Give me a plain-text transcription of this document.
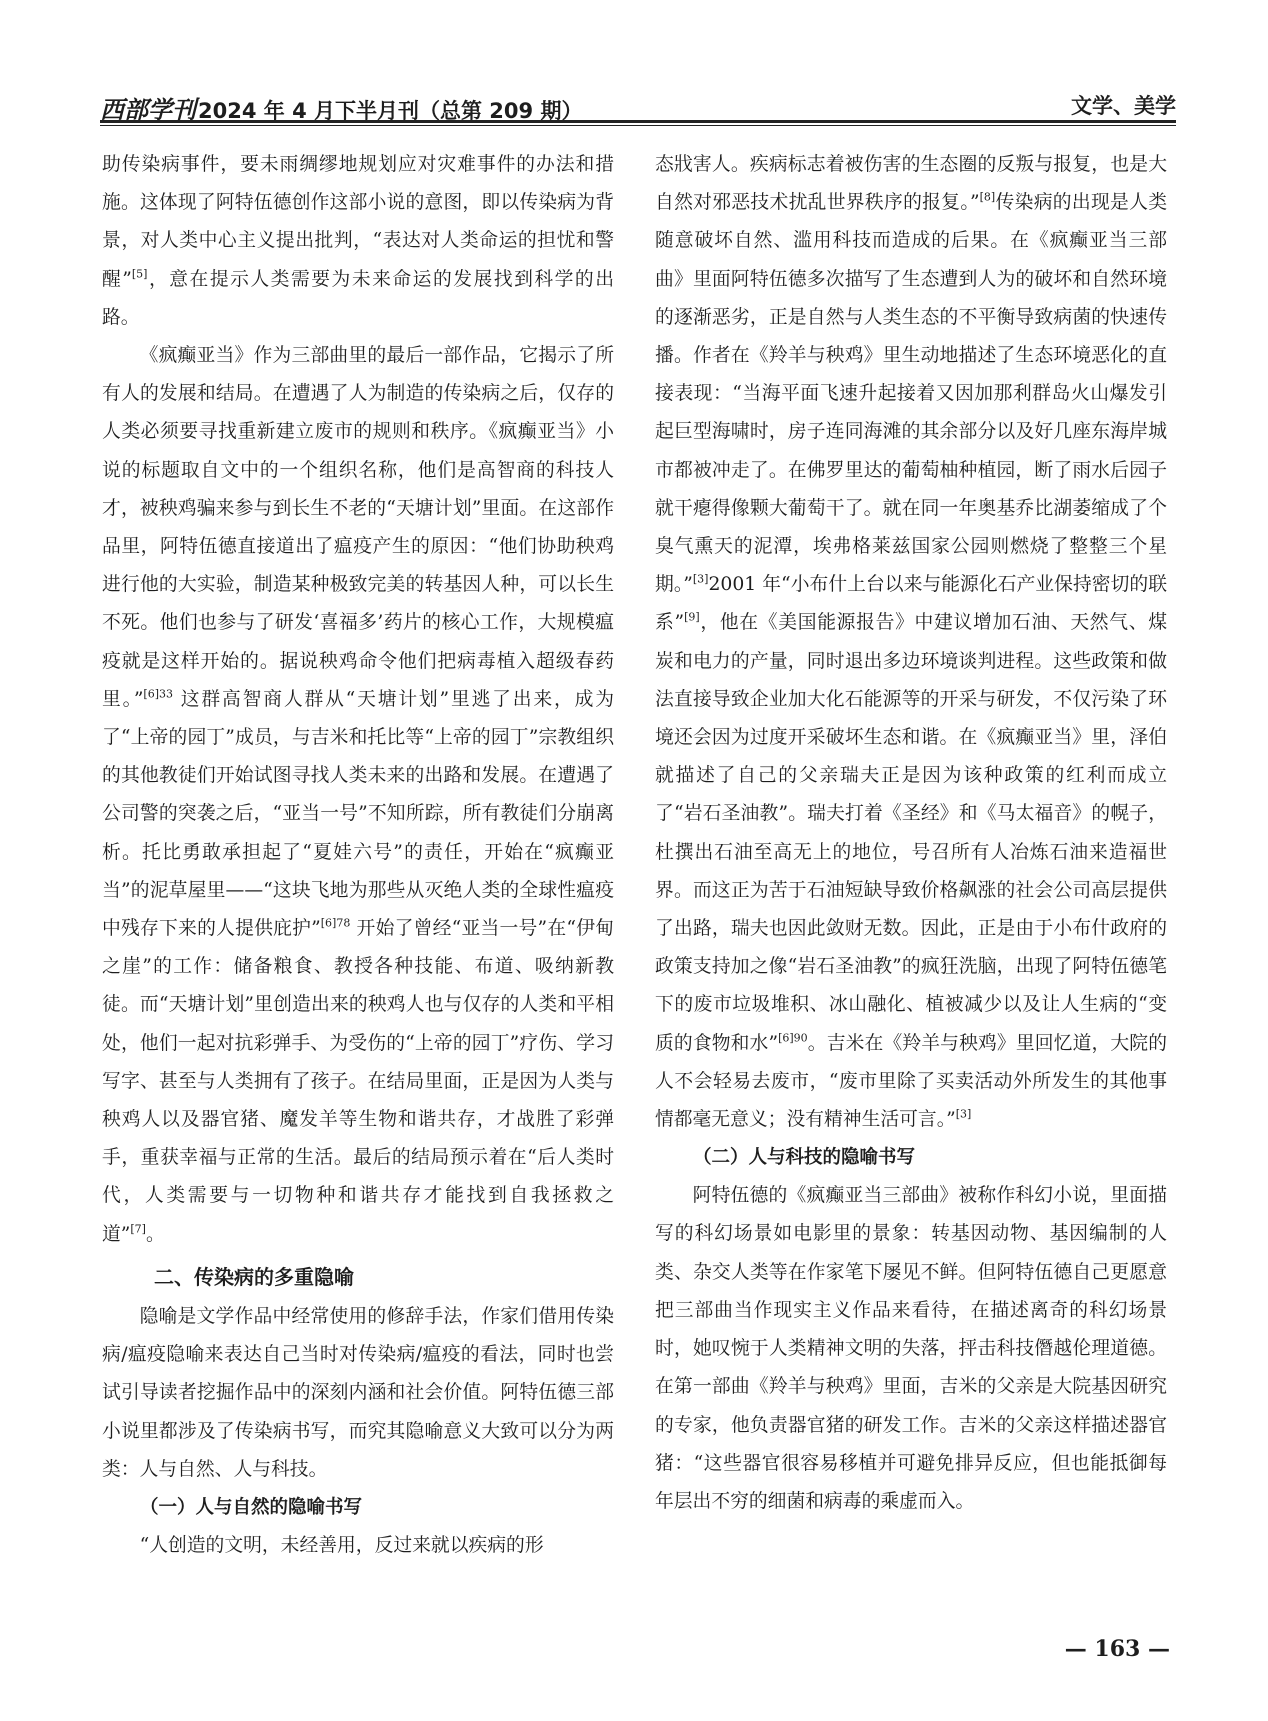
西部学刊2024 年 4 月下半月刊（总第 209 期）	文学、美学

助传染病事件，要未雨绸缪地规划应对灾难事件的办法和措施。这体现了阿特伍德创作这部小说的意图，即以传染病为背景，对人类中心主义提出批判，“表达对人类命运的担忧和警醒”[5]，意在提示人类需要为未来命运的发展找到科学的出路。

《疯癫亚当》作为三部曲里的最后一部作品，它揭示了所有人的发展和结局。在遭遇了人为制造的传染病之后，仅存的人类必须要寻找重新建立废市的规则和秩序。《疯癫亚当》小说的标题取自文中的一个组织名称，他们是高智商的科技人才，被秧鸡骗来参与到长生不老的“天塘计划”里面。在这部作品里，阿特伍德直接道出了瘟疫产生的原因：“他们协助秧鸡进行他的大实验，制造某种极致完美的转基因人种，可以长生不死。他们也参与了研发‘喜福多’药片的核心工作，大规模瘟疫就是这样开始的。据说秧鸡命令他们把病毒植入超级春药里。”$^{[6]33}$ 这群高智商人群从“天塘计划”里逃了出来，成为了“上帝的园丁”成员，与吉米和托比等“上帝的园丁”宗教组织的其他教徒们开始试图寻找人类未来的出路和发展。在遭遇了公司警的突袭之后，“亚当一号”不知所踪，所有教徒们分崩离析。托比勇敢承担起了“夏娃六号”的责任，开始在“疯癫亚当”的泥草屋里——“这块飞地为那些从灭绝人类的全球性瘟疫中残存下来的人提供庇护”$^{[6]78}$ 开始了曾经“亚当一号”在“伊甸之崖”的工作：储备粮食、教授各种技能、布道、吸纳新教徒。而“天塘计划”里创造出来的秧鸡人也与仅存的人类和平相处，他们一起对抗彩弹手、为受伤的“上帝的园丁”疗伤、学习写字、甚至与人类拥有了孩子。在结局里面，正是因为人类与秧鸡人以及器官猪、魔发羊等生物和谐共存，才战胜了彩弹手，重获幸福与正常的生活。最后的结局预示着在“后人类时代，人类需要与一切物种和谐共存才能找到自我拯救之道”[7]。

二、传染病的多重隐喻

隐喻是文学作品中经常使用的修辞手法，作家们借用传染病/瘟疫隐喻来表达自己当时对传染病/瘟疫的看法，同时也尝试引导读者挖掘作品中的深刻内涵和社会价值。阿特伍德三部小说里都涉及了传染病书写，而究其隐喻意义大致可以分为两类：人与自然、人与科技。

（一）人与自然的隐喻书写

“人创造的文明，未经善用，反过来就以疾病的形

态戕害人。疾病标志着被伤害的生态圈的反叛与报复，也是大自然对邪恶技术扰乱世界秩序的报复。”[8]传染病的出现是人类随意破坏自然、滥用科技而造成的后果。在《疯癫亚当三部曲》里面阿特伍德多次描写了生态遭到人为的破坏和自然环境的逐渐恶劣，正是自然与人类生态的不平衡导致病菌的快速传播。作者在《羚羊与秧鸡》里生动地描述了生态环境恶化的直接表现：“当海平面飞速升起接着又因加那利群岛火山爆发引起巨型海啸时，房子连同海滩的其余部分以及好几座东海岸城市都被冲走了。在佛罗里达的葡萄柚种植园，断了雨水后园子就干瘪得像颗大葡萄干了。就在同一年奥基乔比湖萎缩成了个臭气熏天的泥潭，埃弗格莱兹国家公园则燃烧了整整三个星期。”[3]2001 年“小布什上台以来与能源化石产业保持密切的联系”[9]，他在《美国能源报告》中建议增加石油、天然气、煤炭和电力的产量，同时退出多边环境谈判进程。这些政策和做法直接导致企业加大化石能源等的开采与研发，不仅污染了环境还会因为过度开采破坏生态和谐。在《疯癫亚当》里，泽伯就描述了自己的父亲瑞夫正是因为该种政策的红利而成立了“岩石圣油教”。瑞夫打着《圣经》和《马太福音》的幌子，杜撰出石油至高无上的地位，号召所有人冶炼石油来造福世界。而这正为苦于石油短缺导致价格飙涨的社会公司高层提供了出路，瑞夫也因此敛财无数。因此，正是由于小布什政府的政策支持加之像“岩石圣油教”的疯狂洗脑，出现了阿特伍德笔下的废市垃圾堆积、冰山融化、植被减少以及让人生病的“变质的食物和水”$^{[6]90}$。吉米在《羚羊与秧鸡》里回忆道，大院的人不会轻易去废市，“废市里除了买卖活动外所发生的其他事情都毫无意义；没有精神生活可言。”[3]

（二）人与科技的隐喻书写

阿特伍德的《疯癫亚当三部曲》被称作科幻小说，里面描写的科幻场景如电影里的景象：转基因动物、基因编制的人类、杂交人类等在作家笔下屡见不鲜。但阿特伍德自己更愿意把三部曲当作现实主义作品来看待，在描述离奇的科幻场景时，她叹惋于人类精神文明的失落，抨击科技僭越伦理道德。在第一部曲《羚羊与秧鸡》里面，吉米的父亲是大院基因研究的专家，他负责器官猪的研发工作。吉米的父亲这样描述器官猪：“这些器官很容易移植并可避免排异反应，但也能抵御每年层出不穷的细菌和病毒的乘虚而入。

— 163 —
